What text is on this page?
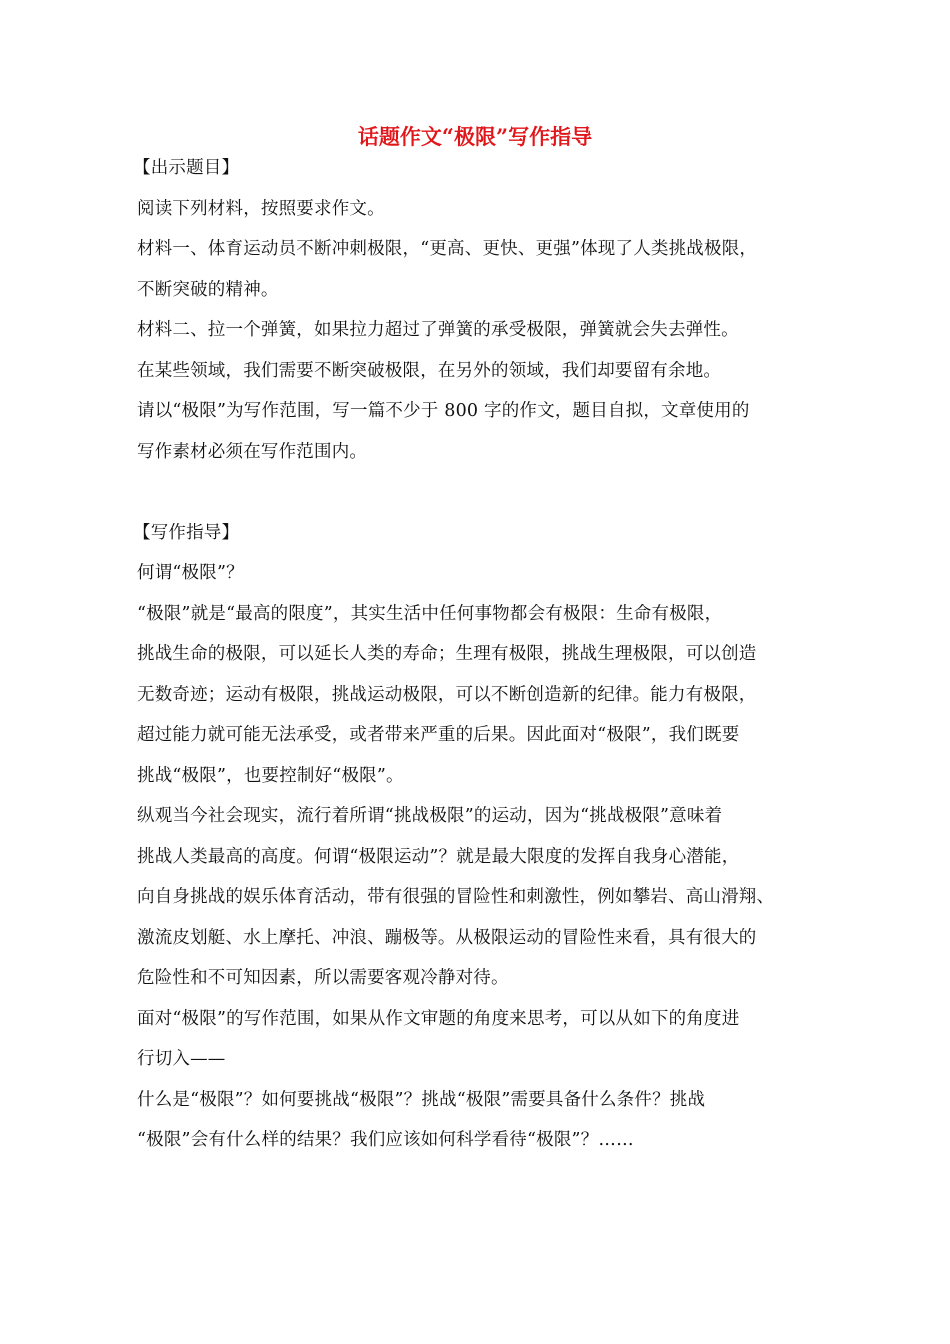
话题作文“极限”写作指导

【出示题目】

阅读下列材料，按照要求作文。

材料一、体育运动员不断冲刺极限，“更高、更快、更强”体现了人类挑战极限，

不断突破的精神。

材料二、拉一个弹簧，如果拉力超过了弹簧的承受极限，弹簧就会失去弹性。

在某些领域，我们需要不断突破极限，在另外的领域，我们却要留有余地。

请以“极限”为写作范围，写一篇不少于 800 字的作文，题目自拟，文章使用的

写作素材必须在写作范围内。

【写作指导】

何谓“极限”？

“极限”就是“最高的限度”，其实生活中任何事物都会有极限：生命有极限，

挑战生命的极限，可以延长人类的寿命；生理有极限，挑战生理极限，可以创造

无数奇迹；运动有极限，挑战运动极限，可以不断创造新的纪律。能力有极限，

超过能力就可能无法承受，或者带来严重的后果。因此面对“极限”，我们既要

挑战“极限”，也要控制好“极限”。

纵观当今社会现实，流行着所谓“挑战极限”的运动，因为“挑战极限”意味着

挑战人类最高的高度。何谓“极限运动”？就是最大限度的发挥自我身心潜能，

向自身挑战的娱乐体育活动，带有很强的冒险性和刺激性，例如攀岩、高山滑翔、

激流皮划艇、水上摩托、冲浪、蹦极等。从极限运动的冒险性来看，具有很大的

危险性和不可知因素，所以需要客观冷静对待。

面对“极限”的写作范围，如果从作文审题的角度来思考，可以从如下的角度进

行切入——

什么是“极限”？如何要挑战“极限”？挑战“极限”需要具备什么条件？挑战

“极限”会有什么样的结果？我们应该如何科学看待“极限”？……
